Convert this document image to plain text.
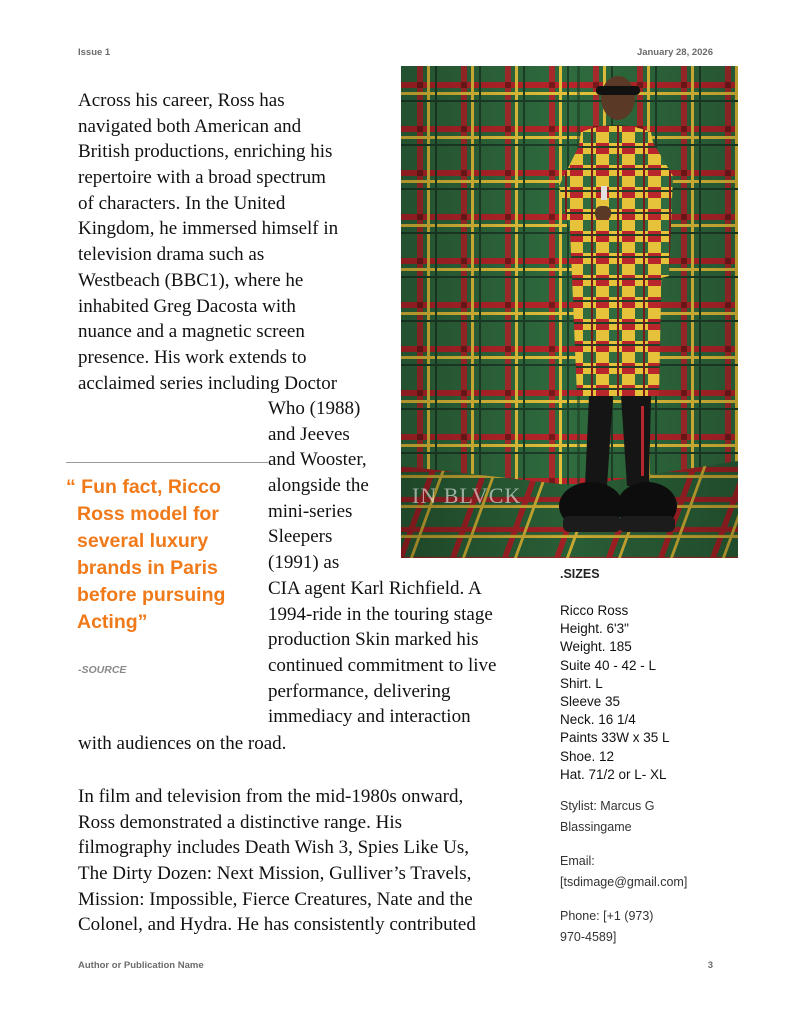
Issue 1	January 28, 2026
Across his career, Ross has
navigated both American and
British productions, enriching his
repertoire with a broad spectrum
of characters. In the United
Kingdom, he immersed himself in
television drama such as
Westbeach (BBC1), where he
inhabited Greg Dacosta with
nuance and a magnetic screen
presence. His work extends to
acclaimed series including Doctor
Who (1988)
and Jeeves
and Wooster,
alongside the
mini-series
Sleepers
(1991) as
CIA agent Karl Richfield. A
1994-ride in the touring stage
production Skin marked his
continued commitment to live
performance, delivering
immediacy and interaction
with audiences on the road.
In film and television from the mid-1980s onward,
Ross demonstrated a distinctive range. His
filmography includes Death Wish 3, Spies Like Us,
The Dirty Dozen: Next Mission, Gulliver’s Travels,
Mission: Impossible, Fierce Creatures, Nate and the
Colonel, and Hydra. He has consistently contributed
IN BLVCK
“ Fun fact, Ricco
Ross model for
several luxury
brands in Paris
before pursuing
Acting”
-SOURCE
.SIZES
Ricco Ross
Height. 6'3"
Weight. 185
Suite 40 - 42 - L
Shirt. L
Sleeve 35
Neck. 16 1/4
Paints 33W x 35 L
Shoe. 12
Hat. 71/2 or L- XL
Stylist: Marcus G
Blassingame
Email:
[tsdimage@gmail.com]
Phone: [+1 (973)
970-4589]
Author or Publication Name	3
